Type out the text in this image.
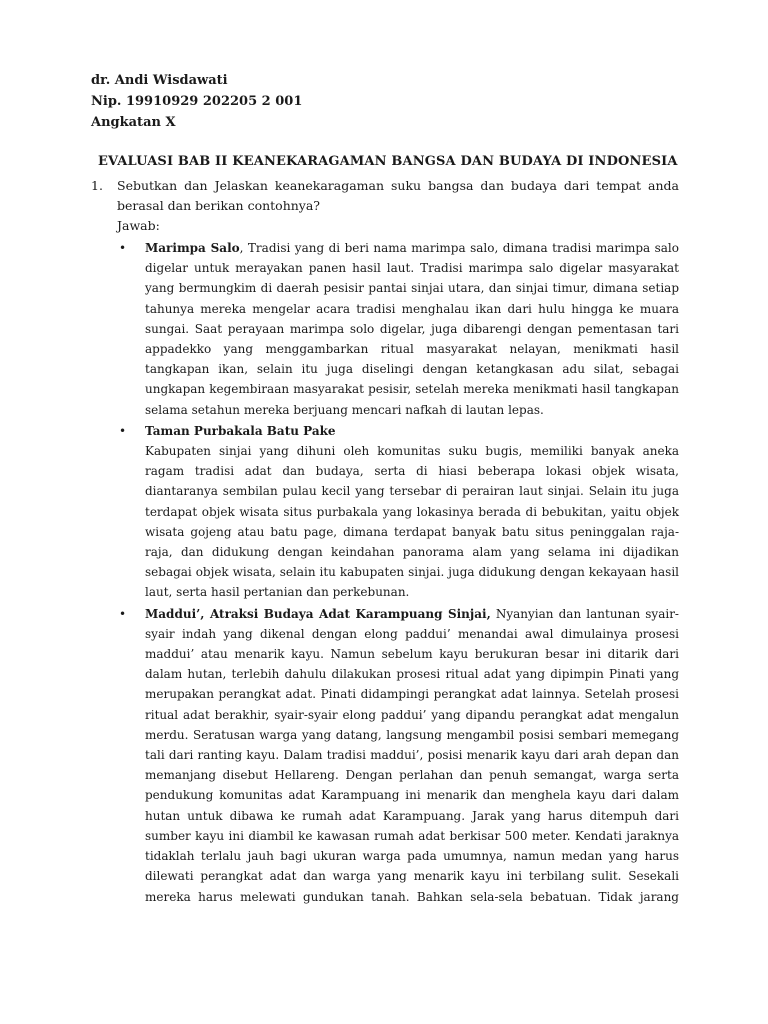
dr. Andi Wisdawati
Nip. 19910929 202205 2 001
Angkatan X
EVALUASI BAB II KEANEKARAGAMAN BANGSA DAN BUDAYA DI INDONESIA
1. Sebutkan dan Jelaskan keanekaragaman suku bangsa dan budaya dari tempat anda berasal dan berikan contohnya?
Jawab:
• Marimpa Salo, Tradisi yang di beri nama marimpa salo, dimana tradisi marimpa salo digelar untuk merayakan panen hasil laut. Tradisi marimpa salo digelar masyarakat yang bermungkim di daerah pesisir pantai sinjai utara, dan sinjai timur, dimana setiap tahunya mereka mengelar acara tradisi menghalau ikan dari hulu hingga ke muara sungai. Saat perayaan marimpa solo digelar, juga dibarengi dengan pementasan tari appadekko yang menggambarkan ritual masyarakat nelayan, menikmati hasil tangkapan ikan, selain itu juga diselingi dengan ketangkasan adu silat, sebagai ungkapan kegembiraan masyarakat pesisir, setelah mereka menikmati hasil tangkapan selama setahun mereka berjuang mencari nafkah di lautan lepas.
• Taman Purbakala Batu Pake
Kabupaten sinjai yang dihuni oleh komunitas suku bugis, memiliki banyak aneka ragam tradisi adat dan budaya, serta di hiasi beberapa lokasi objek wisata, diantaranya sembilan pulau kecil yang tersebar di perairan laut sinjai. Selain itu juga terdapat objek wisata situs purbakala yang lokasinya berada di bebukitan, yaitu objek wisata gojeng atau batu page, dimana terdapat banyak batu situs peninggalan raja-raja, dan didukung dengan keindahan panorama alam yang selama ini dijadikan sebagai objek wisata, selain itu kabupaten sinjai. juga didukung dengan kekayaan hasil laut, serta hasil pertanian dan perkebunan.
• Maddui’, Atraksi Budaya Adat Karampuang Sinjai, Nyanyian dan lantunan syair-syair indah yang dikenal dengan elong paddui’ menandai awal dimulainya prosesi maddui’ atau menarik kayu. Namun sebelum kayu berukuran besar ini ditarik dari dalam hutan, terlebih dahulu dilakukan prosesi ritual adat yang dipimpin Pinati yang merupakan perangkat adat. Pinati didampingi perangkat adat lainnya. Setelah prosesi ritual adat berakhir, syair-syair elong paddui’ yang dipandu perangkat adat mengalun merdu. Seratusan warga yang datang, langsung mengambil posisi sembari memegang tali dari ranting kayu. Dalam tradisi maddui’, posisi menarik kayu dari arah depan dan memanjang disebut Hellareng. Dengan perlahan dan penuh semangat, warga serta pendukung komunitas adat Karampuang ini menarik dan menghela kayu dari dalam hutan untuk dibawa ke rumah adat Karampuang. Jarak yang harus ditempuh dari sumber kayu ini diambil ke kawasan rumah adat berkisar 500 meter. Kendati jaraknya tidaklah terlalu jauh bagi ukuran warga pada umumnya, namun medan yang harus dilewati perangkat adat dan warga yang menarik kayu ini terbilang sulit. Sesekali mereka harus melewati gundukan tanah. Bahkan sela-sela bebatuan. Tidak jarang
